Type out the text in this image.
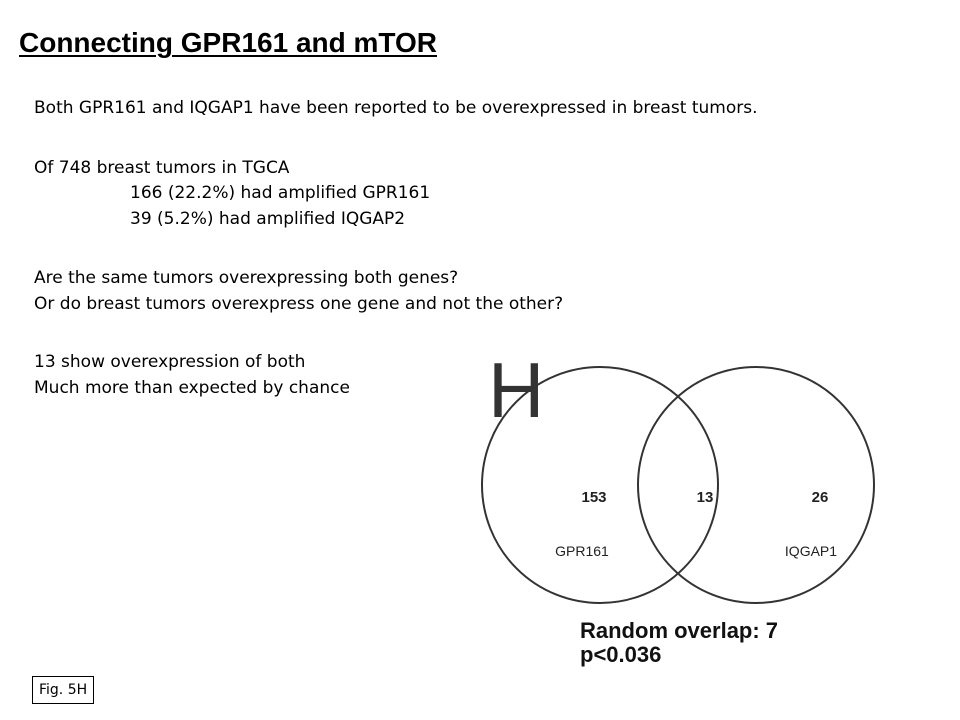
Connecting GPR161 and mTOR
Both GPR161 and IQGAP1 have been reported to be overexpressed in breast tumors.
Of 748 breast tumors in TGCA
166 (22.2%) had amplified GPR161
39 (5.2%) had amplified IQGAP2
Are the same tumors overexpressing both genes?
Or do breast tumors overexpress one gene and not the other?
13 show overexpression of both
Much more than expected by chance	H
153	13	26
GPR161	IQGAP1
Random overlap: 7
p<0.036
Fig. 5H
